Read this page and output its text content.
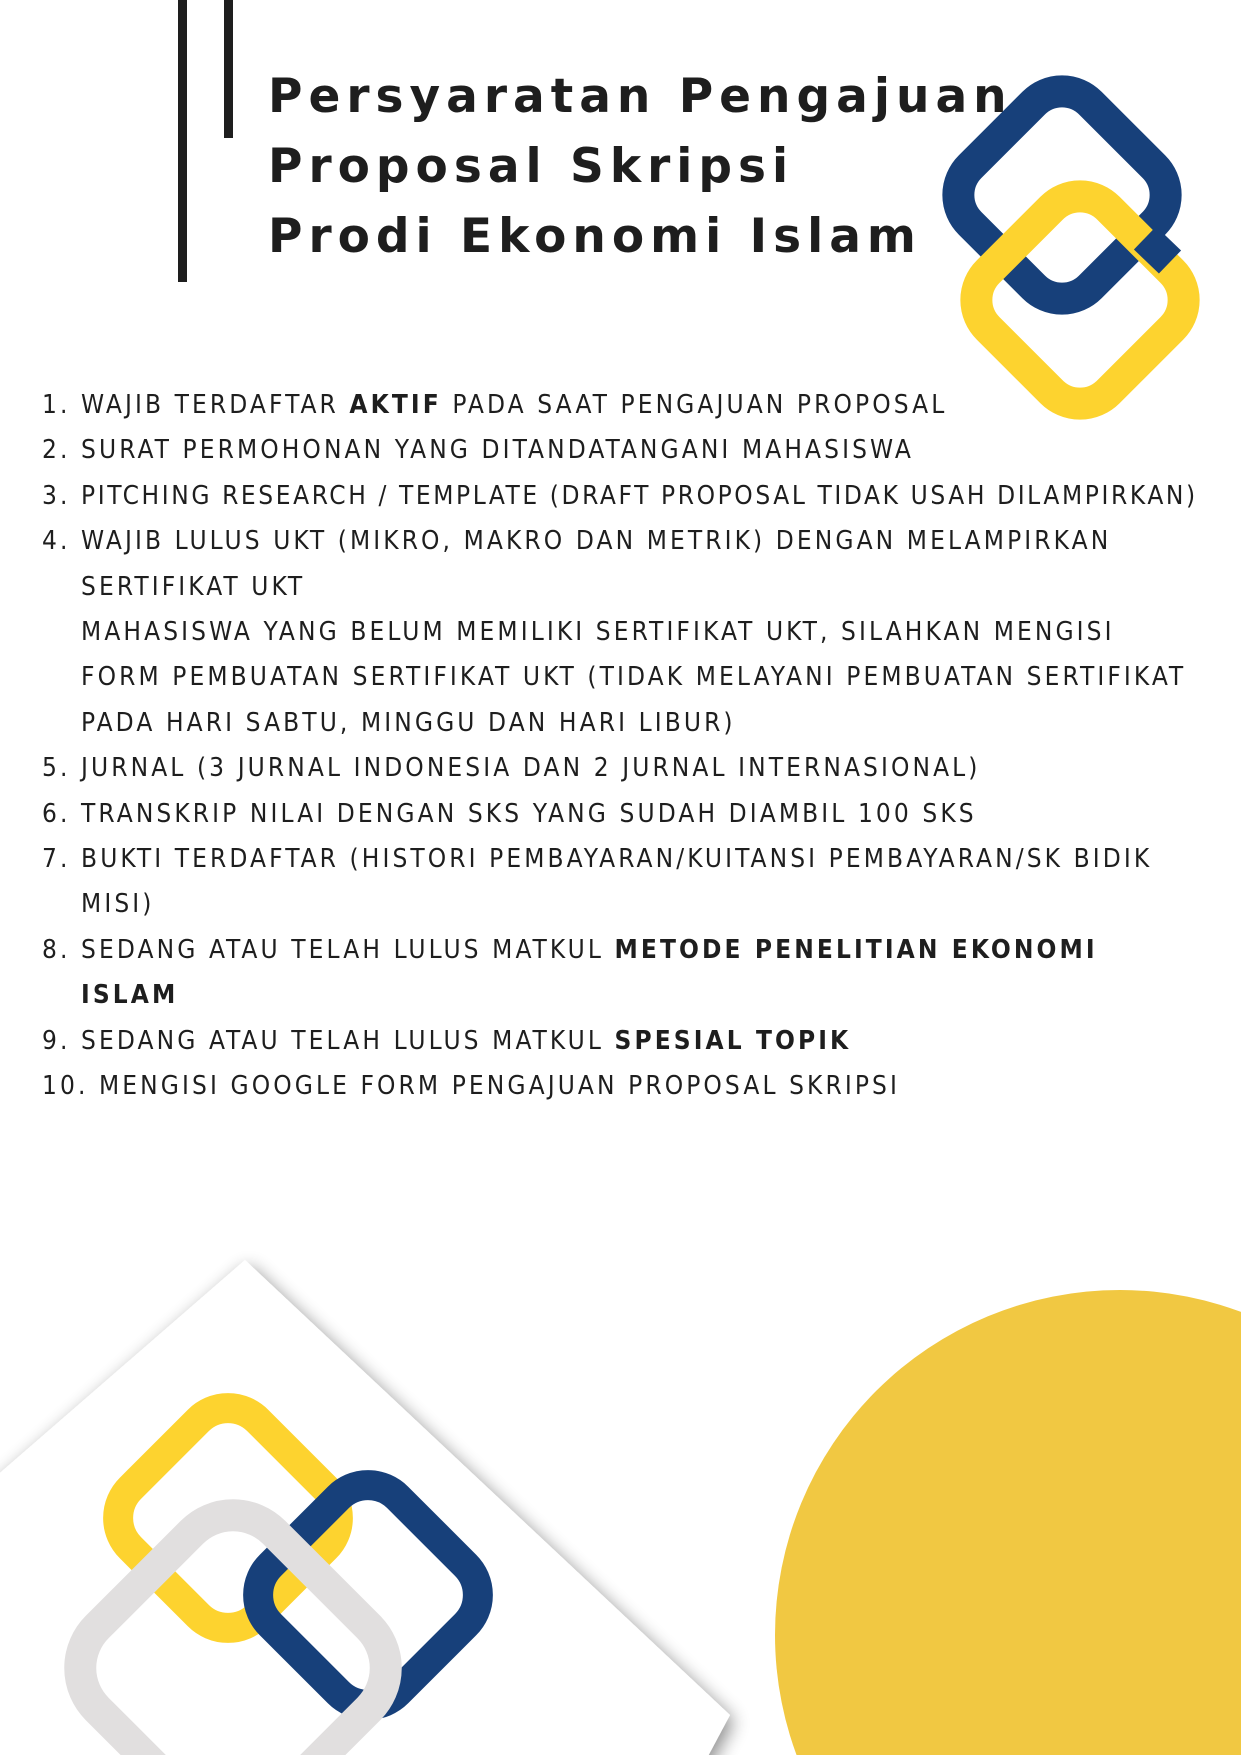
Persyaratan Pengajuan
Proposal Skripsi
Prodi Ekonomi Islam
1. WAJIB TERDAFTAR AKTIF PADA SAAT PENGAJUAN PROPOSAL
2. SURAT PERMOHONAN YANG DITANDATANGANI MAHASISWA
3. PITCHING RESEARCH / TEMPLATE (DRAFT PROPOSAL TIDAK USAH DILAMPIRKAN)
4. WAJIB LULUS UKT (MIKRO, MAKRO DAN METRIK) DENGAN MELAMPIRKAN SERTIFIKAT UKT
MAHASISWA YANG BELUM MEMILIKI SERTIFIKAT UKT, SILAHKAN MENGISI FORM PEMBUATAN SERTIFIKAT UKT (TIDAK MELAYANI PEMBUATAN SERTIFIKAT PADA HARI SABTU, MINGGU DAN HARI LIBUR)
5. JURNAL (3 JURNAL INDONESIA DAN 2 JURNAL INTERNASIONAL)
6. TRANSKRIP NILAI DENGAN SKS YANG SUDAH DIAMBIL 100 SKS
7. BUKTI TERDAFTAR (HISTORI PEMBAYARAN/KUITANSI PEMBAYARAN/SK BIDIK MISI)
8. SEDANG ATAU TELAH LULUS MATKUL METODE PENELITIAN EKONOMI ISLAM
9. SEDANG ATAU TELAH LULUS MATKUL SPESIAL TOPIK
10. MENGISI GOOGLE FORM PENGAJUAN PROPOSAL SKRIPSI
